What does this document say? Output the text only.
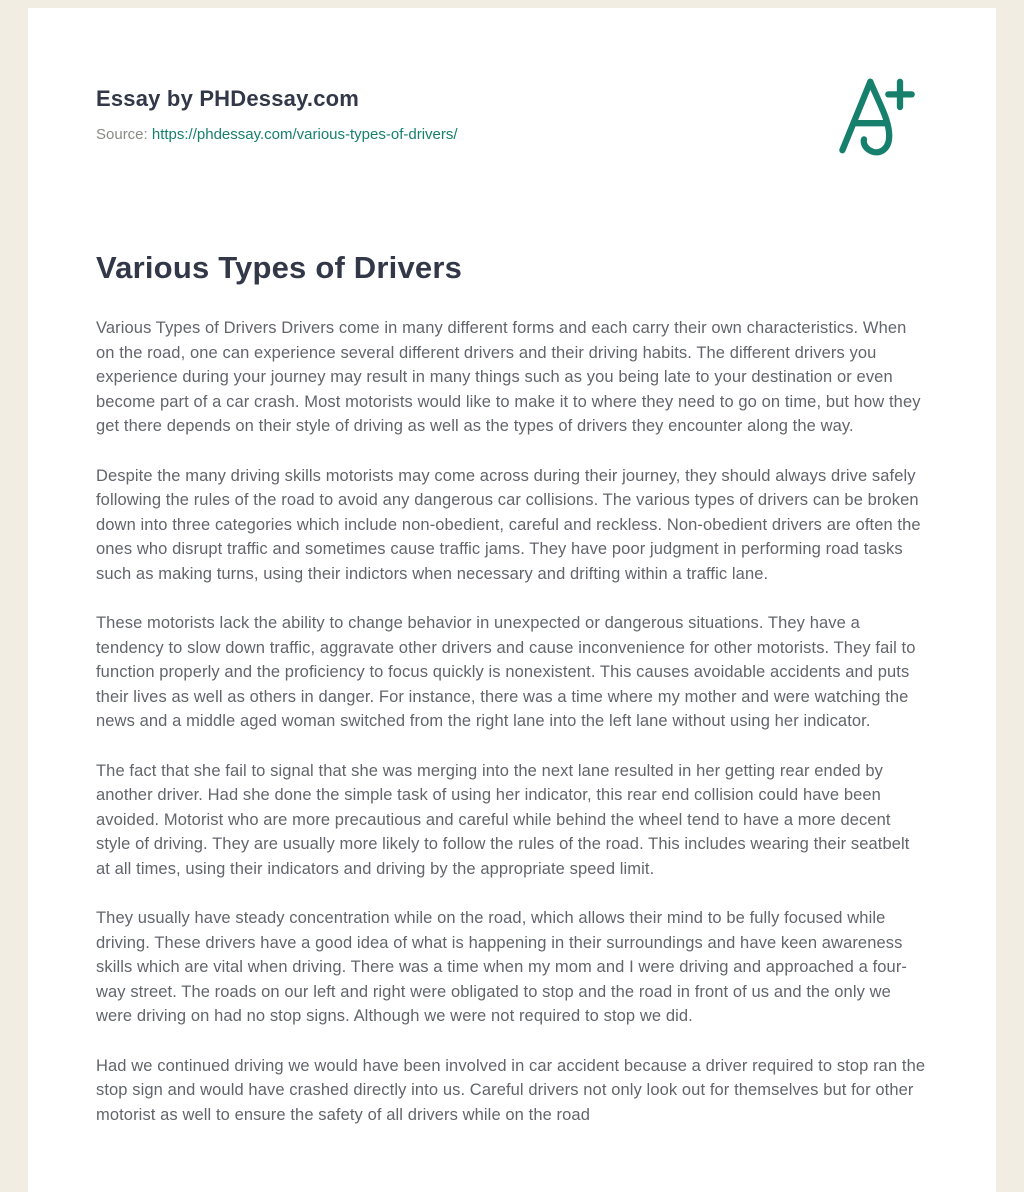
Essay by PHDessay.com
Source: https://phdessay.com/various-types-of-drivers/
Various Types of Drivers

Various Types of Drivers Drivers come in many different forms and each carry their own characteristics. When on the road, one can experience several different drivers and their driving habits. The different drivers you experience during your journey may result in many things such as you being late to your destination or even become part of a car crash. Most motorists would like to make it to where they need to go on time, but how they get there depends on their style of driving as well as the types of drivers they encounter along the way.

Despite the many driving skills motorists may come across during their journey, they should always drive safely following the rules of the road to avoid any dangerous car collisions. The various types of drivers can be broken down into three categories which include non-obedient, careful and reckless. Non-obedient drivers are often the ones who disrupt traffic and sometimes cause traffic jams. They have poor judgment in performing road tasks such as making turns, using their indictors when necessary and drifting within a traffic lane.

These motorists lack the ability to change behavior in unexpected or dangerous situations. They have a tendency to slow down traffic, aggravate other drivers and cause inconvenience for other motorists. They fail to function properly and the proficiency to focus quickly is nonexistent. This causes avoidable accidents and puts their lives as well as others in danger. For instance, there was a time where my mother and were watching the news and a middle aged woman switched from the right lane into the left lane without using her indicator.

The fact that she fail to signal that she was merging into the next lane resulted in her getting rear ended by another driver. Had she done the simple task of using her indicator, this rear end collision could have been avoided. Motorist who are more precautious and careful while behind the wheel tend to have a more decent style of driving. They are usually more likely to follow the rules of the road. This includes wearing their seatbelt at all times, using their indicators and driving by the appropriate speed limit.

They usually have steady concentration while on the road, which allows their mind to be fully focused while driving. These drivers have a good idea of what is happening in their surroundings and have keen awareness skills which are vital when driving. There was a time when my mom and I were driving and approached a four-way street. The roads on our left and right were obligated to stop and the road in front of us and the only we were driving on had no stop signs. Although we were not required to stop we did.

Had we continued driving we would have been involved in car accident because a driver required to stop ran the stop sign and would have crashed directly into us. Careful drivers not only look out for themselves but for other motorist as well to ensure the safety of all drivers while on the road
